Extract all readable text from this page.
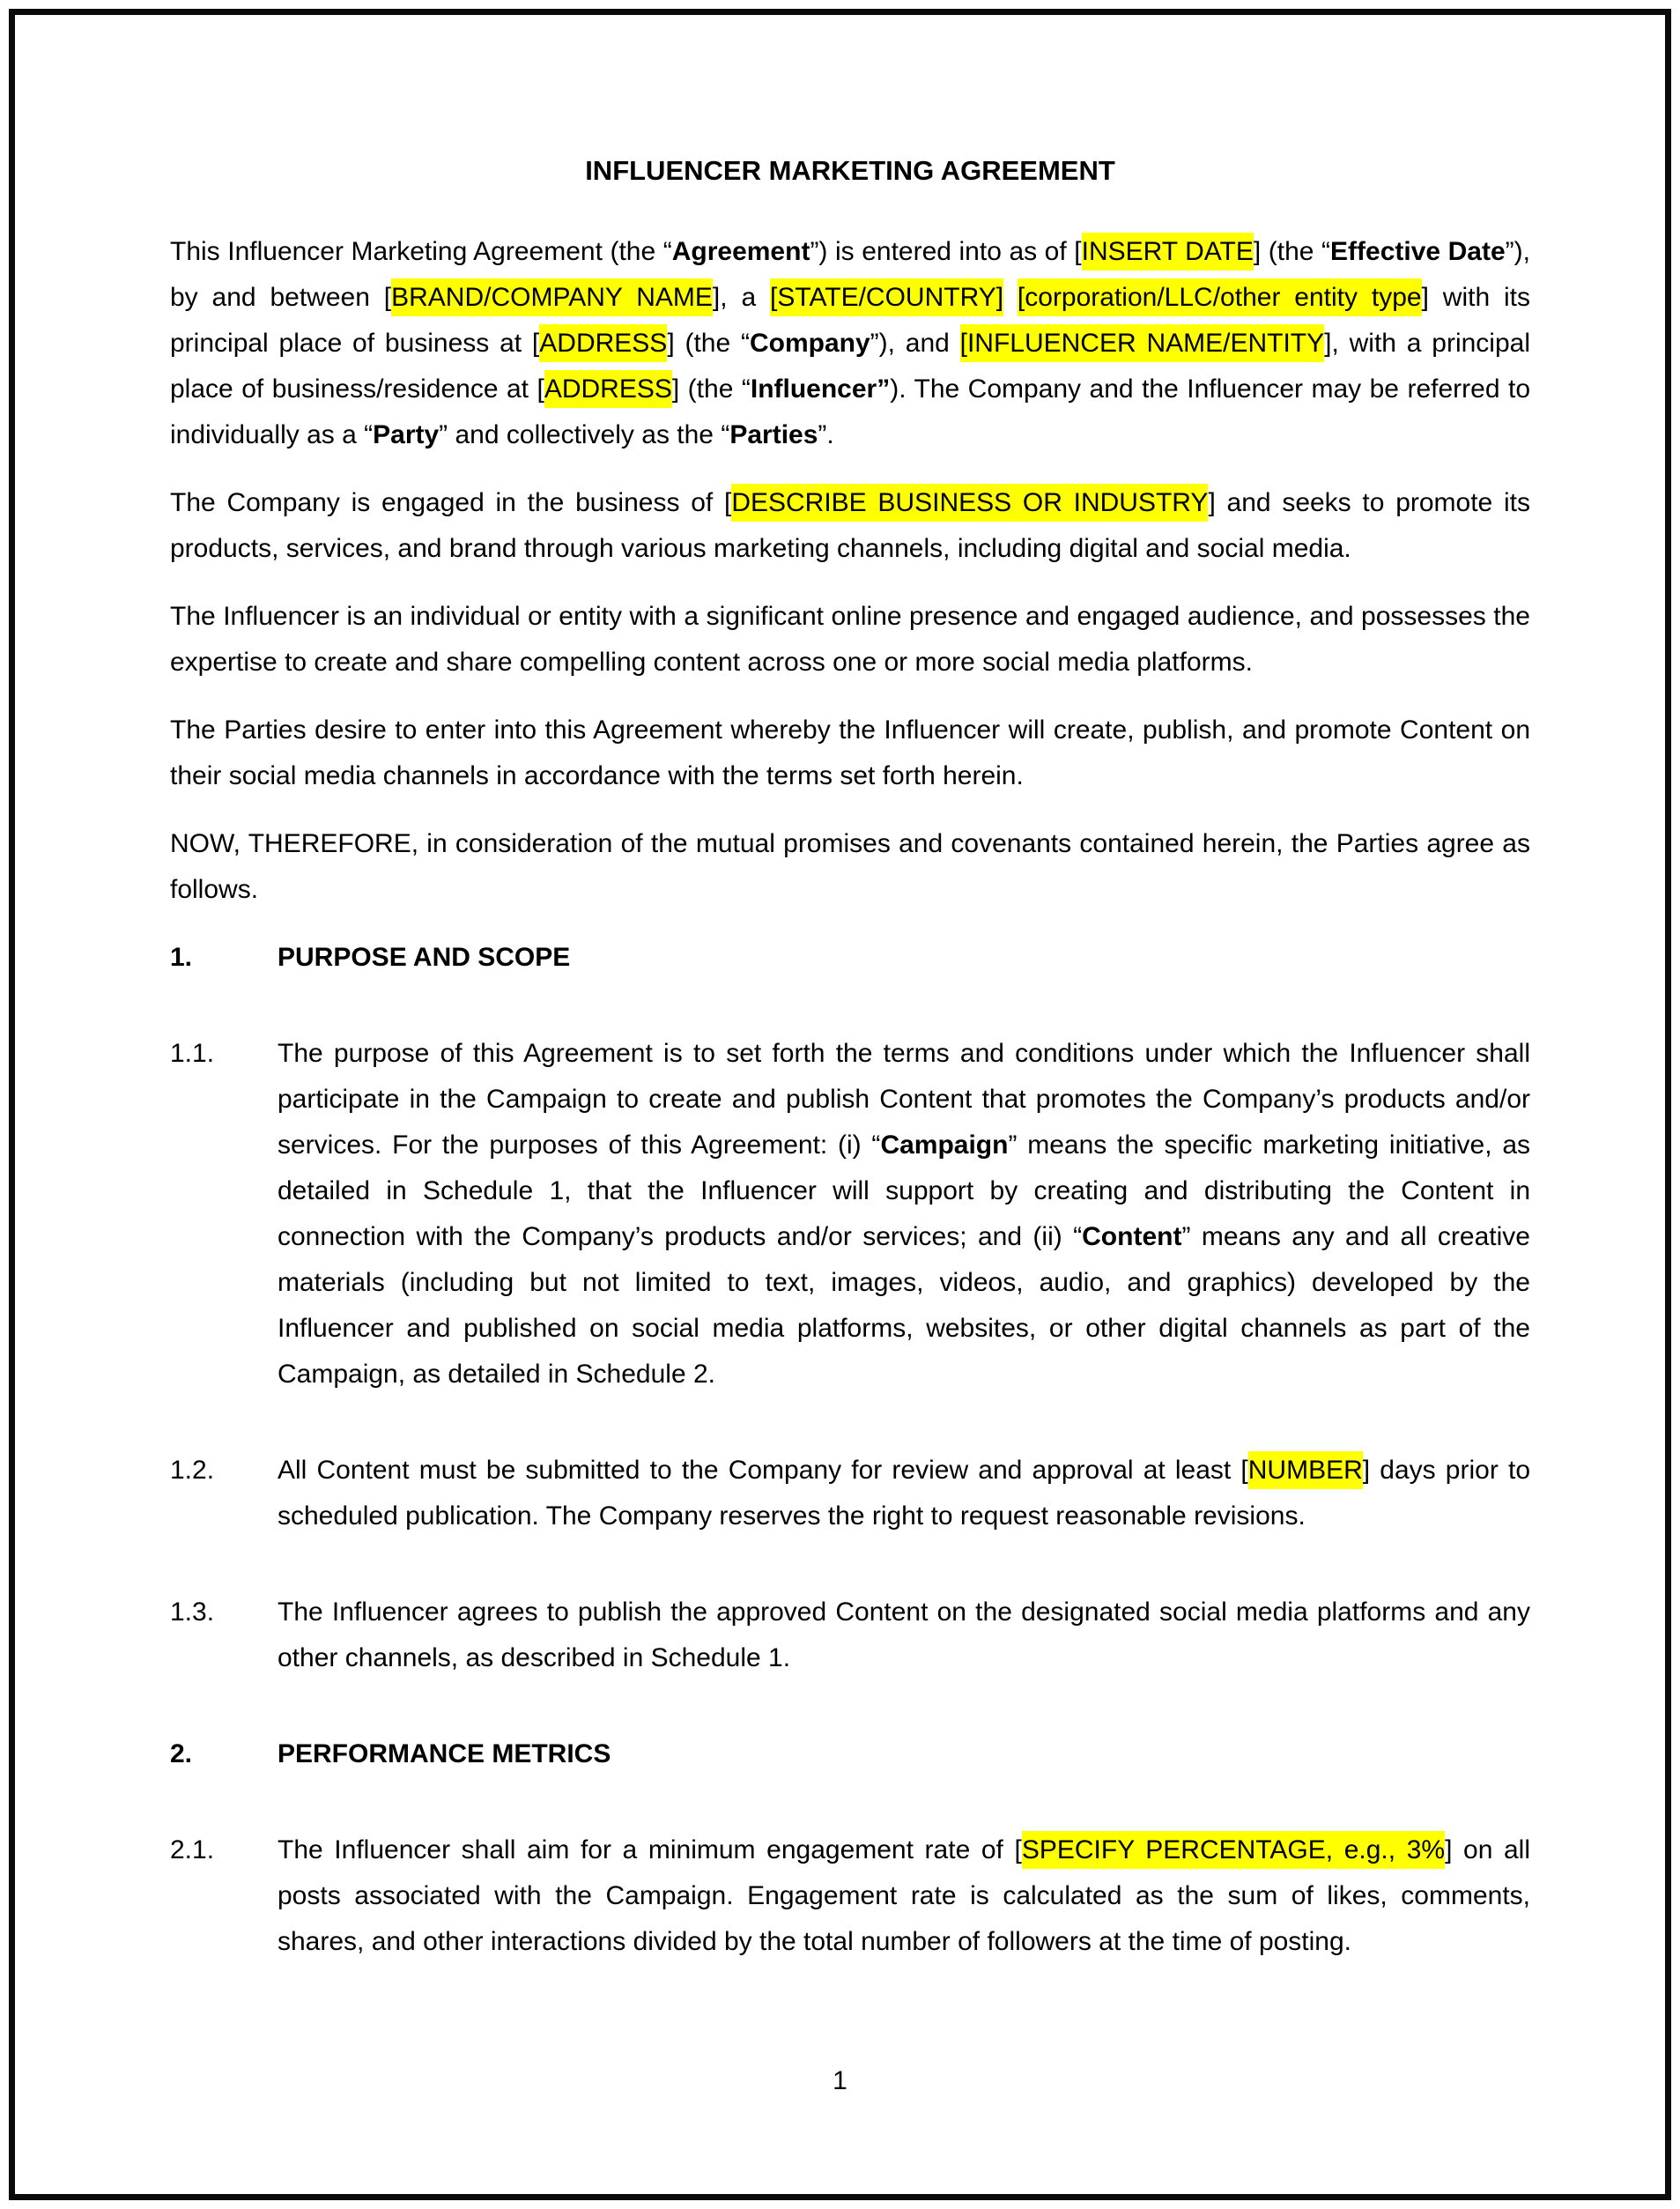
INFLUENCER MARKETING AGREEMENT
This Influencer Marketing Agreement (the “Agreement”) is entered into as of [INSERT DATE] (the “Effective Date”), by and between [BRAND/COMPANY NAME], a [STATE/COUNTRY] [corporation/LLC/other entity type] with its principal place of business at [ADDRESS] (the “Company”), and [INFLUENCER NAME/ENTITY], with a principal place of business/residence at [ADDRESS] (the “Influencer”). The Company and the Influencer may be referred to individually as a “Party” and collectively as the “Parties”.
The Company is engaged in the business of [DESCRIBE BUSINESS OR INDUSTRY] and seeks to promote its products, services, and brand through various marketing channels, including digital and social media.
The Influencer is an individual or entity with a significant online presence and engaged audience, and possesses the expertise to create and share compelling content across one or more social media platforms.
The Parties desire to enter into this Agreement whereby the Influencer will create, publish, and promote Content on their social media channels in accordance with the terms set forth herein.
NOW, THEREFORE, in consideration of the mutual promises and covenants contained herein, the Parties agree as follows.
1.	PURPOSE AND SCOPE
1.1.	The purpose of this Agreement is to set forth the terms and conditions under which the Influencer shall participate in the Campaign to create and publish Content that promotes the Company’s products and/or services. For the purposes of this Agreement: (i) “Campaign” means the specific marketing initiative, as detailed in Schedule 1, that the Influencer will support by creating and distributing the Content in connection with the Company’s products and/or services; and (ii) “Content” means any and all creative materials (including but not limited to text, images, videos, audio, and graphics) developed by the Influencer and published on social media platforms, websites, or other digital channels as part of the Campaign, as detailed in Schedule 2.
1.2.	All Content must be submitted to the Company for review and approval at least [NUMBER] days prior to scheduled publication. The Company reserves the right to request reasonable revisions.
1.3.	The Influencer agrees to publish the approved Content on the designated social media platforms and any other channels, as described in Schedule 1.
2.	PERFORMANCE METRICS
2.1.	The Influencer shall aim for a minimum engagement rate of [SPECIFY PERCENTAGE, e.g., 3%] on all posts associated with the Campaign. Engagement rate is calculated as the sum of likes, comments, shares, and other interactions divided by the total number of followers at the time of posting.
1
